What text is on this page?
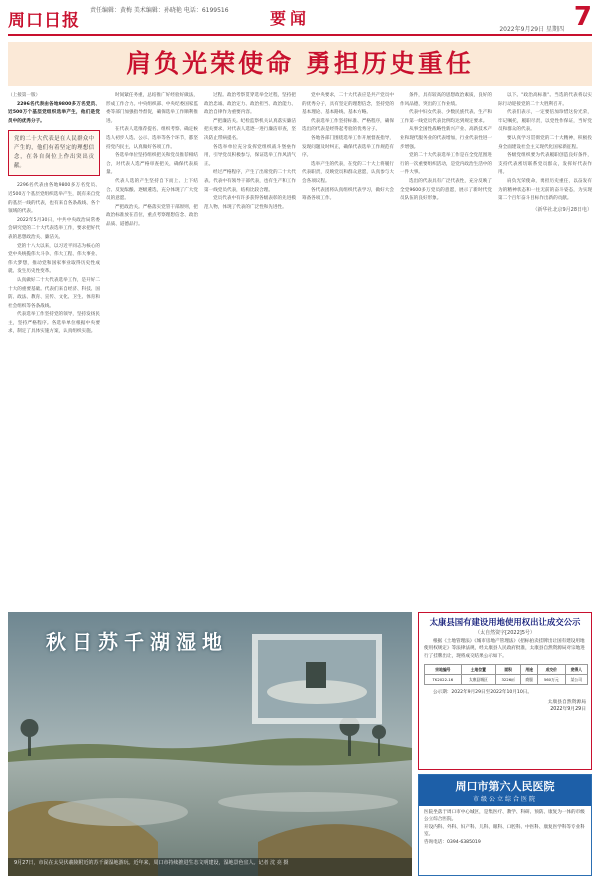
周口日报
责任编辑：黄梅 美术编辑：孙晓艳 电话：6199516	要闻
2022年9月29日 星期四 7
肩负光荣使命 勇担历史重任

（上接第一版）

2296名代表由各地9800多万名党员、近500万个基层党组织选举产生，他们是党员中的优秀分子。

党的二十大代表是在人民群众中产生的，他们有着坚定的理想信念，在各自岗位上作出突出贡献。

2296名代表由各地9800多万名党员、近500万个基层党组织选举产生，既有来自党的基层一线的代表，也有来自各条战线、各个领域的代表。

2022年5月30日，中共中央政治局常委会研究党的二十大代表选举工作，要求把好代表的思想政治关、廉洁关。

党的十八大以来，以习近平同志为核心的党中央统揽伟大斗争、伟大工程、伟大事业、伟大梦想，推动党和国家事业取得历史性成就、发生历史性变革。

认真做好二十大代表选举工作，是开好二十大的重要基础。代表们来自经济、科技、国防、政法、教育、宣传、文化、卫生、体育和社会组织等各条战线。

代表选举工作坚持党的领导，坚持发扬民主，坚持严格程序。各选举单位根据中央要求，制定了具体实施方案，认真组织实施。

时间紧任务重，总结推广好经验好做法，形成工作合力。中央组织部、中央纪委国家监委等部门加强指导督促，确保选举工作顺利推进。

在代表人选推荐提名、组织考察、确定候选人初步人选、公示、选举等各个环节，都坚持党内民主，认真做好各项工作。

各选举单位坚持组织把关和党员推荐相结合，对代表人选严格审查把关，确保代表质量。

代表人选的产生坚持自下而上、上下结合、反复酝酿、逐级遴选，充分体现了广大党员的意愿。

严把政治关。严格落实党管干部原则，把政治标准放在首位，重点考察理想信念、政治品质、道德品行。

过程。政治考察贯穿选举全过程，坚持把政治忠诚、政治定力、政治担当、政治能力、政治自律作为重要内容。

严把廉洁关。纪检监察机关认真落实廉洁把关要求，对代表人选逐一进行廉洁审查，坚决防止带病提名。

各选举单位充分发挥党组织战斗堡垒作用，引导党员积极参与，保证选举工作风清气正。

经过严格程序，产生了出席党的二十大代表。代表中有领导干部代表，也有生产和工作第一线党员代表，结构比较合理。

党员代表中有许多获得各级表彰的先进模范人物，体现了代表的广泛性和先进性。

党中央要求，二十大代表应是共产党员中的优秀分子，具有坚定的理想信念，坚持党的基本理论、基本路线、基本方略。

代表选举工作坚持标准、严格程序，确保选出的代表是经得起考验的优秀分子。

各地各部门围绕选举工作开展督查指导，发现问题及时纠正，确保代表选举工作规范有序。

选举产生的代表，在党的二十大上将履行代表职责，反映党员和群众意愿，认真参与大会各项议程。

各代表团将认真组织代表学习，做好大会筹备各项工作。

条件，具有较高的思想政治素质，良好的作风品德，突出的工作业绩。

代表中妇女代表、少数民族代表、生产和工作第一线党员代表比例均达到规定要求。

从事全国性战略性新兴产业、高新技术产业和现代服务业的代表增加，行业代表性进一步增强。

党的二十大代表选举工作是在全党范围进行的一次重要组织活动，是党内政治生活中的一件大事。

选出的代表具有广泛代表性，充分反映了全党9600多万党员的意愿，展示了新时代党员队伍的良好形象。

以下。"政治高标准"。当选的代表将以实际行动迎接党的二十大胜利召开。

代表们表示，一定要倍加珍惜这份光荣，牢记嘱托，履职尽责，以党性作保证，当好党员和群众的代表。

要认真学习贯彻党的二十大精神，积极投身全面建设社会主义现代化国家新征程。

各级党组织要为代表履职创造良好条件，支持代表密切联系党员群众，发挥好代表作用。

肩负光荣使命，勇担历史重任，以奋发有为的精神状态和一往无前的奋斗姿态，为实现第二个百年奋斗目标作出新的贡献。

（新华社北京9月28日电）
秋日苏千湖湿地
9月27日，市民在太昊伏羲陵附近的苏千湖湿地游玩。近年来，周口市持续推进生态文明建设，湿地景色宜人。记者 沈 亮 摄
太康县国有建设用地使用权出让成交公示
（太自然资字[2022]5号）

根据《土地管理法》《城市房地产管理法》《招标拍卖挂牌出让国有建设用地使用权规定》等法律法规，经太康县人民政府批准，太康县自然资源局对宗地进行了挂牌出让，现将成交结果公示如下。

宗地编号	土地位置	面积	用途	成交价	竞得人
TK2022-16	太康县城区	3226㎡	商服	560万元	某公司

公示期：2022年9月29日至2022年10月10日。

太康县自然资源局
2022年9月29日
周口市第六人民医院
市级公立综合医院

医院坐落于周口市中心城区，是集医疗、教学、科研、预防、康复为一体的市级公立综合医院。

开设内科、外科、妇产科、儿科、眼科、口腔科、中医科、康复医学科等专业科室。

咨询电话：0394-6385019
